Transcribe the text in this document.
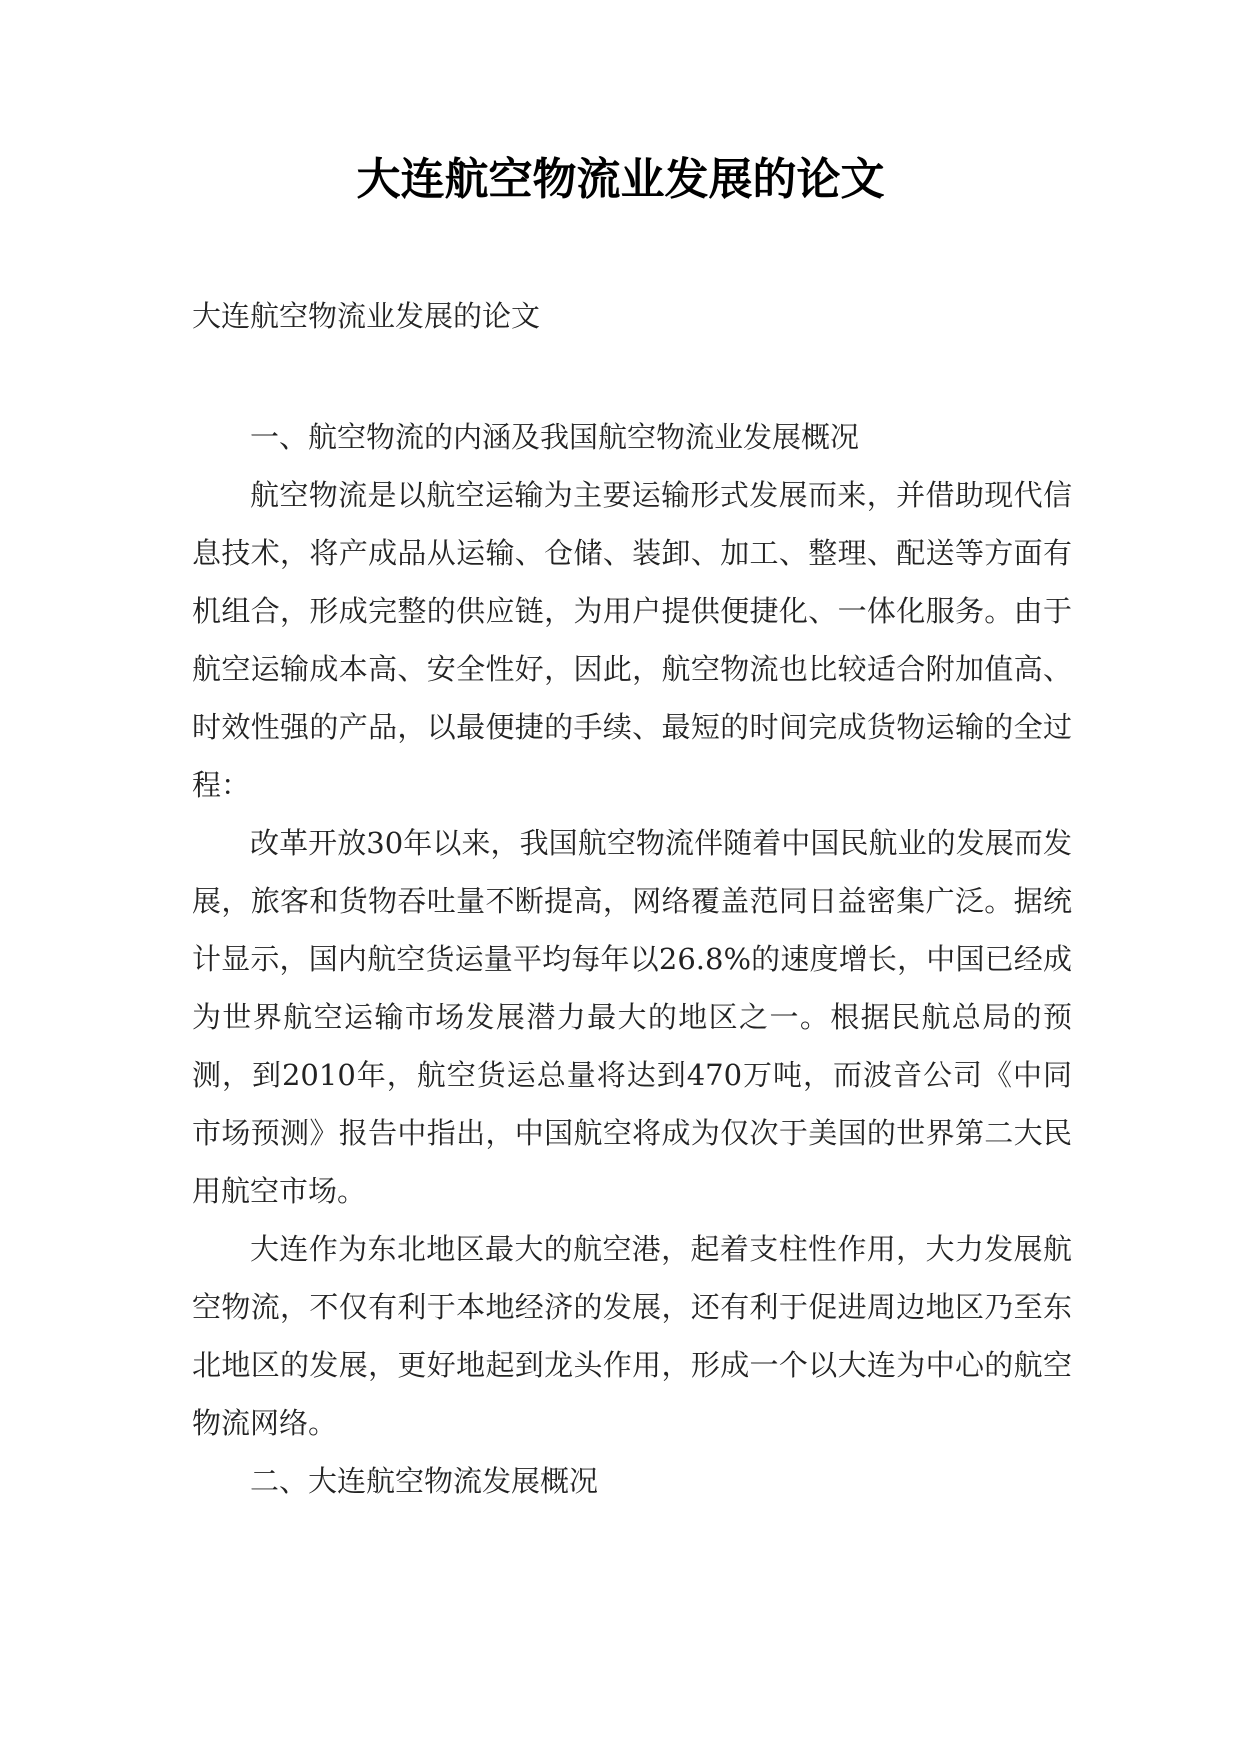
大连航空物流业发展的论文

大连航空物流业发展的论文

一、航空物流的内涵及我国航空物流业发展概况

航空物流是以航空运输为主要运输形式发展而来，并借助现代信息技术，将产成品从运输、仓储、装卸、加工、整理、配送等方面有机组合，形成完整的供应链，为用户提供便捷化、一体化服务。由于航空运输成本高、安全性好，因此，航空物流也比较适合附加值高、时效性强的产品，以最便捷的手续、最短的时间完成货物运输的全过程：

改革开放30年以来，我国航空物流伴随着中国民航业的发展而发展，旅客和货物吞吐量不断提高，网络覆盖范同日益密集广泛。据统计显示，国内航空货运量平均每年以26.8%的速度增长，中国已经成为世界航空运输市场发展潜力最大的地区之一。根据民航总局的预测，到2010年，航空货运总量将达到470万吨，而波音公司《中同市场预测》报告中指出，中国航空将成为仅次于美国的世界第二大民用航空市场。

大连作为东北地区最大的航空港，起着支柱性作用，大力发展航空物流，不仅有利于本地经济的发展，还有利于促进周边地区乃至东北地区的发展，更好地起到龙头作用，形成一个以大连为中心的航空物流网络。

二、大连航空物流发展概况
